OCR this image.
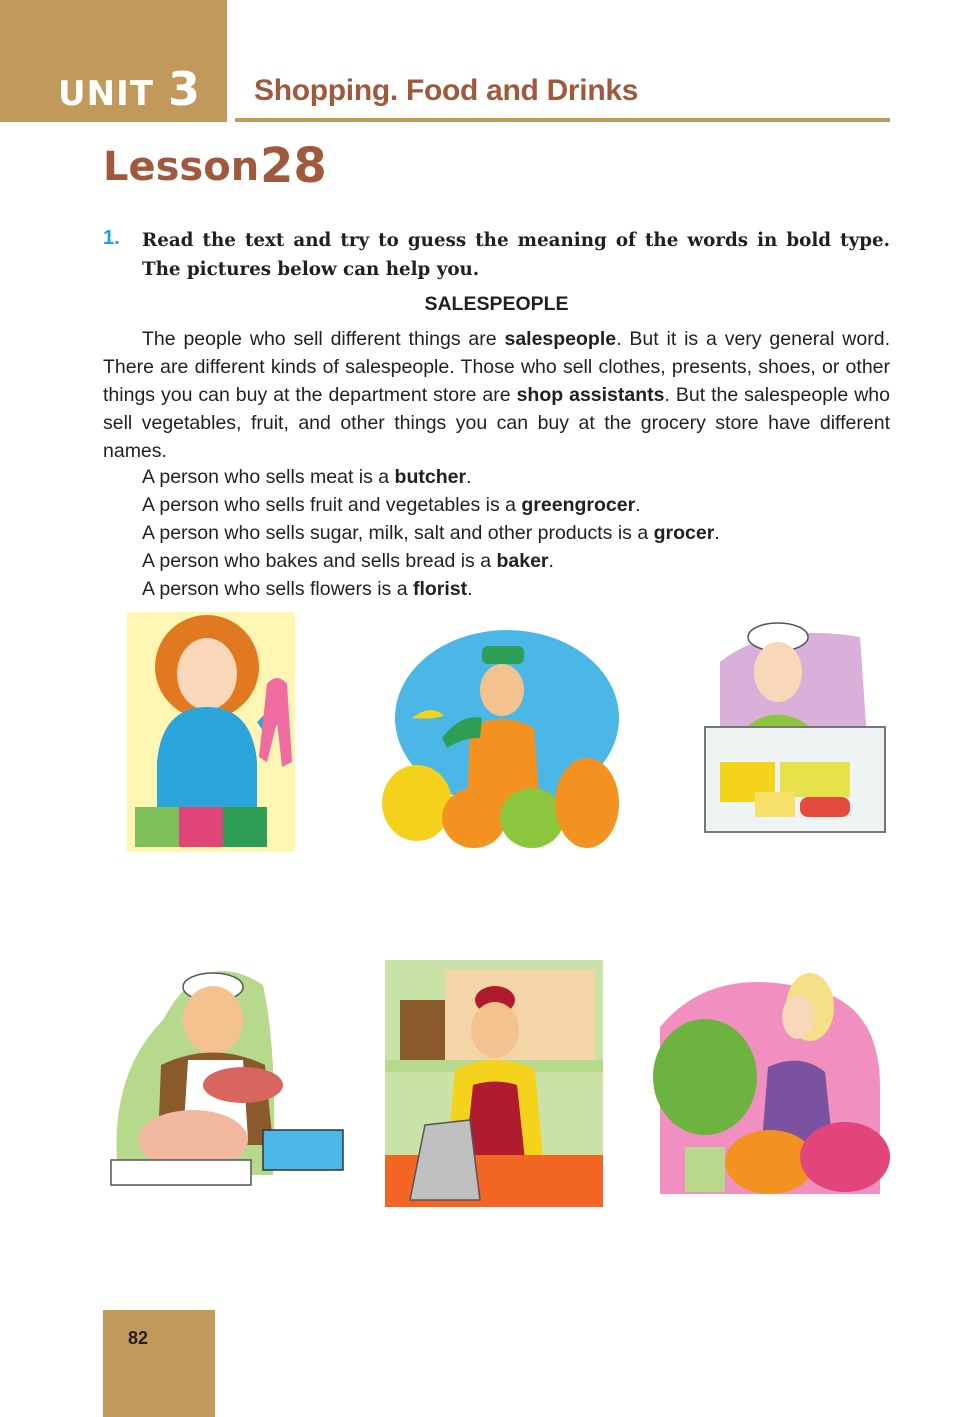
UNIT 3 Shopping. Food and Drinks
Lesson 28
1. Read the text and try to guess the meaning of the words in bold type. The pictures below can help you.
SALESPEOPLE
The people who sell different things are salespeople. But it is a very general word. There are different kinds of salespeople. Those who sell clothes, presents, shoes, or other things you can buy at the department store are shop assistants. But the salespeople who sell vegetables, fruit, and other things you can buy at the grocery store have different names.
A person who sells meat is a butcher.
A person who sells fruit and vegetables is a greengrocer.
A person who sells sugar, milk, salt and other products is a grocer.
A person who bakes and sells bread is a baker.
A person who sells flowers is a florist.
82
